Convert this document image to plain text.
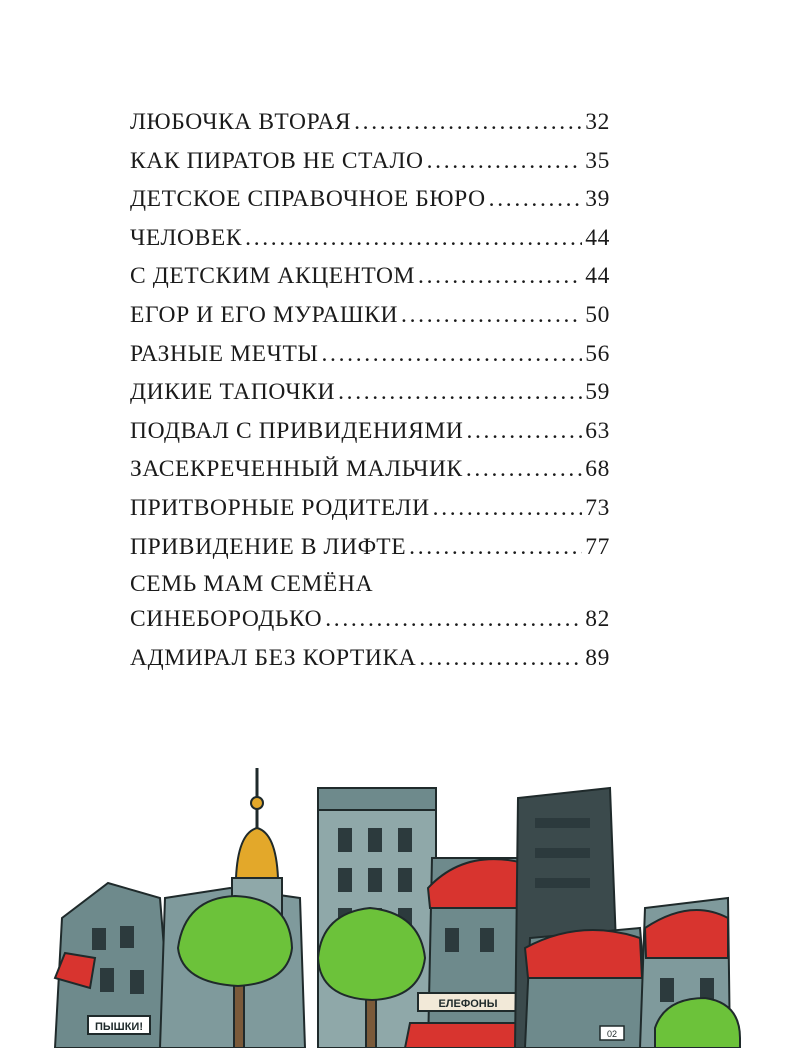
ЛЮБОЧКА ВТОРАЯ . . .	32
КАК ПИРАТОВ НЕ СТАЛО . . .	35
ДЕТСКОЕ СПРАВОЧНОЕ БЮРО . . .	39
ЧЕЛОВЕК . . .	44
С ДЕТСКИМ АКЦЕНТОМ . . .	44
ЕГОР И ЕГО МУРАШКИ . . .	50
РАЗНЫЕ МЕЧТЫ . . .	56
ДИКИЕ ТАПОЧКИ . . .	59
ПОДВАЛ С ПРИВИДЕНИЯМИ . . .	63
ЗАСЕКРЕЧЕННЫЙ МАЛЬЧИК . . .	68
ПРИТВОРНЫЕ РОДИТЕЛИ . . .	73
ПРИВИДЕНИЕ В ЛИФТЕ . . .	77
СЕМЬ МАМ СЕМЁНА
СИНЕБОРОДЬКО . . .	82
АДМИРАЛ БЕЗ КОРТИКА . . .	89
ПЫШКИ!
ЕЛЕФОНЫ
02
